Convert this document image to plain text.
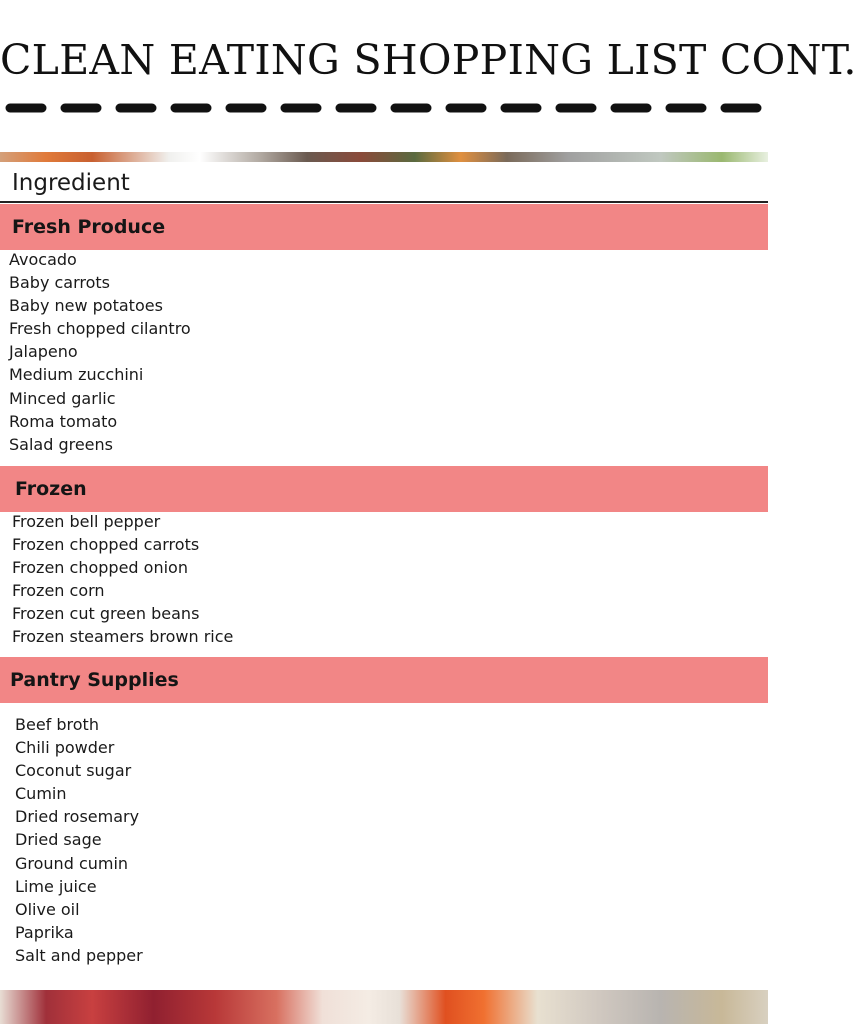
CLEAN EATING SHOPPING LIST CONT.
Ingredient
Fresh Produce
Avocado
Baby carrots
Baby new potatoes
Fresh chopped cilantro
Jalapeno
Medium zucchini
Minced garlic
Roma tomato
Salad greens
Frozen
Frozen bell pepper
Frozen chopped carrots
Frozen chopped onion
Frozen corn
Frozen cut green beans
Frozen steamers brown rice
Pantry Supplies
Beef broth
Chili powder
Coconut sugar
Cumin
Dried rosemary
Dried sage
Ground cumin
Lime juice
Olive oil
Paprika
Salt and pepper
